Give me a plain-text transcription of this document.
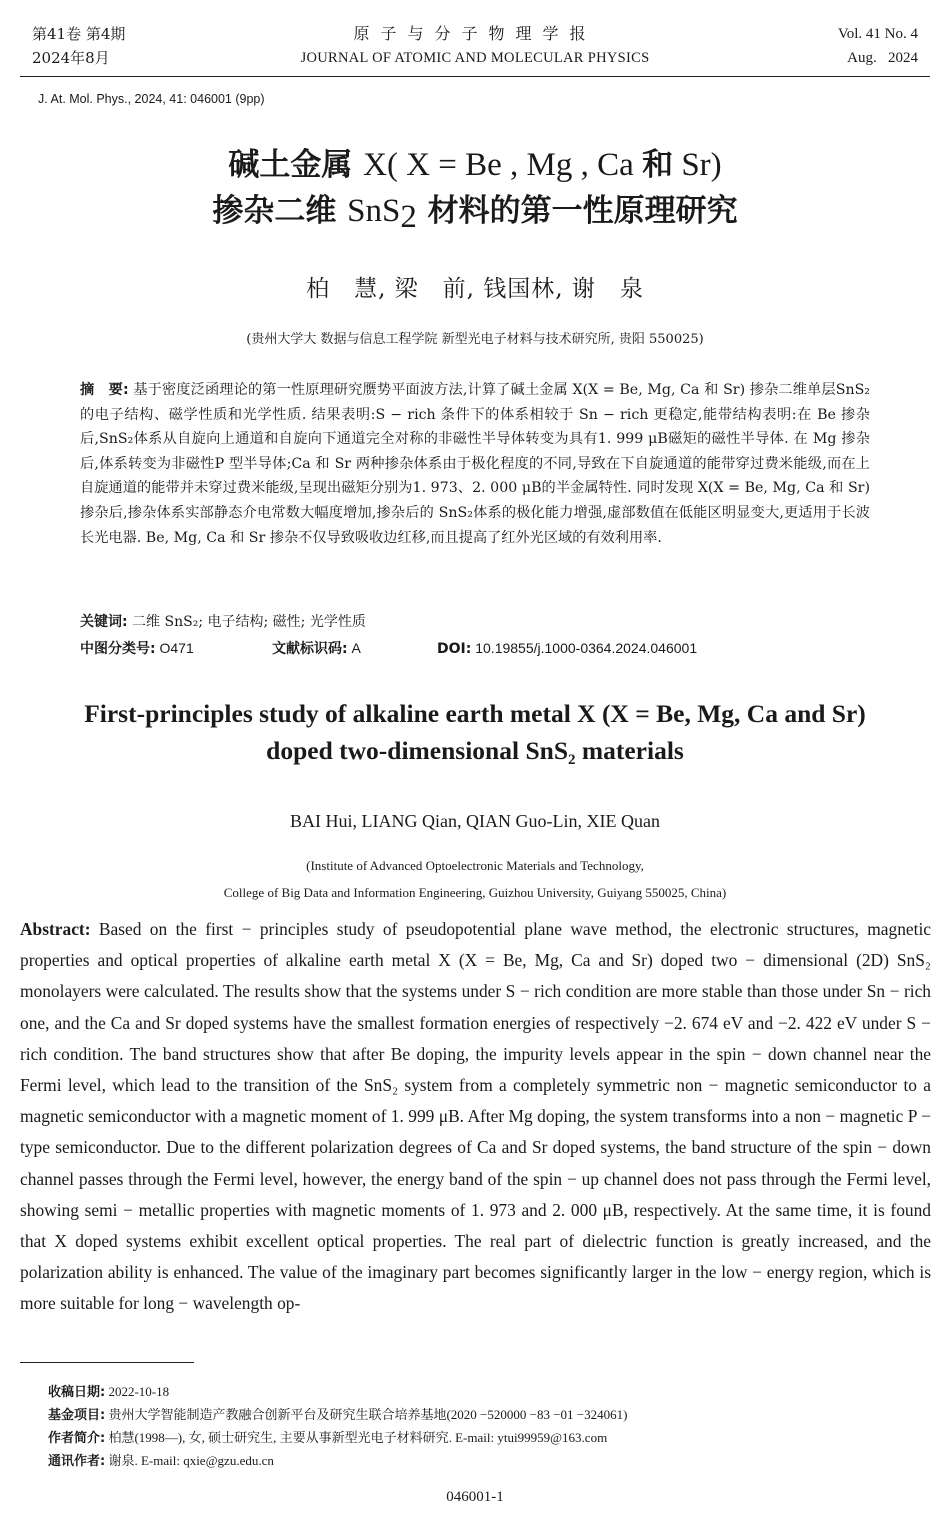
第41卷 第4期
2024年8月
原子与分子物理学报
JOURNAL OF ATOMIC AND MOLECULAR PHYSICS
Vol. 41 No. 4
Aug.   2024
J. At. Mol. Phys., 2024, 41: 046001 (9pp)
碱土金属 X( X = Be , Mg , Ca 和 Sr)
掺杂二维 SnS$_2$ 材料的第一性原理研究
柏　慧, 梁　前, 钱国林, 谢　泉
(贵州大学大 数据与信息工程学院 新型光电子材料与技术研究所, 贵阳 550025)
摘　要: 基于密度泛函理论的第一性原理研究赝势平面波方法,计算了碱土金属 X(X = Be, Mg, Ca 和 Sr) 掺杂二维单层SnS₂的电子结构、磁学性质和光学性质. 结果表明:S − rich 条件下的体系相较于 Sn − rich 更稳定,能带结构表明:在 Be 掺杂后,SnS₂体系从自旋向上通道和自旋向下通道完全对称的非磁性半导体转变为具有1. 999 μB磁矩的磁性半导体. 在 Mg 掺杂后,体系转变为非磁性P 型半导体;Ca 和 Sr 两种掺杂体系由于极化程度的不同,导致在下自旋通道的能带穿过费米能级,而在上自旋通道的能带并未穿过费米能级,呈现出磁矩分别为1. 973、2. 000 μB的半金属特性. 同时发现 X(X = Be, Mg, Ca 和 Sr)掺杂后,掺杂体系实部静态介电常数大幅度增加,掺杂后的 SnS₂体系的极化能力增强,虚部数值在低能区明显变大,更适用于长波长光电器. Be, Mg, Ca 和 Sr 掺杂不仅导致吸收边红移,而且提高了红外光区域的有效利用率.
关键词: 二维 SnS₂; 电子结构; 磁性; 光学性质
中图分类号: O471	文献标识码: A	DOI: 10.19855/j.1000-0364.2024.046001
First-principles study of alkaline earth metal X (X = Be, Mg, Ca and Sr)
doped two-dimensional SnS$_2$ materials
BAI Hui, LIANG Qian, QIAN Guo-Lin, XIE Quan
(Institute of Advanced Optoelectronic Materials and Technology,
College of Big Data and Information Engineering, Guizhou University, Guiyang 550025, China)
Abstract: Based on the first − principles study of pseudopotential plane wave method, the electronic structures, magnetic properties and optical properties of alkaline earth metal X (X = Be, Mg, Ca and Sr) doped two − dimensional (2D) SnS₂ monolayers were calculated. The results show that the systems under S − rich condition are more stable than those under Sn − rich one, and the Ca and Sr doped systems have the smallest formation energies of respectively −2. 674 eV and −2. 422 eV under S − rich condition. The band structures show that after Be doping, the impurity levels appear in the spin − down channel near the Fermi level, which lead to the transition of the SnS₂ system from a completely symmetric non − magnetic semiconductor to a magnetic semiconductor with a magnetic moment of 1. 999 μB. After Mg doping, the system transforms into a non − magnetic P − type semiconductor. Due to the different polarization degrees of Ca and Sr doped systems, the band structure of the spin − down channel passes through the Fermi level, however, the energy band of the spin − up channel does not pass through the Fermi level, showing semi − metallic properties with magnetic moments of 1. 973 and 2. 000 μB, respectively. At the same time, it is found that X doped systems exhibit excellent optical properties. The real part of dielectric function is greatly increased, and the polarization ability is enhanced. The value of the imaginary part becomes significantly larger in the low − energy region, which is more suitable for long − wavelength op-
收稿日期: 2022-10-18
基金项目: 贵州大学智能制造产教融合创新平台及研究生联合培养基地(2020 −520000 −83 −01 −324061)
作者简介: 柏慧(1998—), 女, 硕士研究生, 主要从事新型光电子材料研究. E-mail: ytui99959@163.com
通讯作者: 谢泉. E-mail: qxie@gzu.edu.cn
046001-1
